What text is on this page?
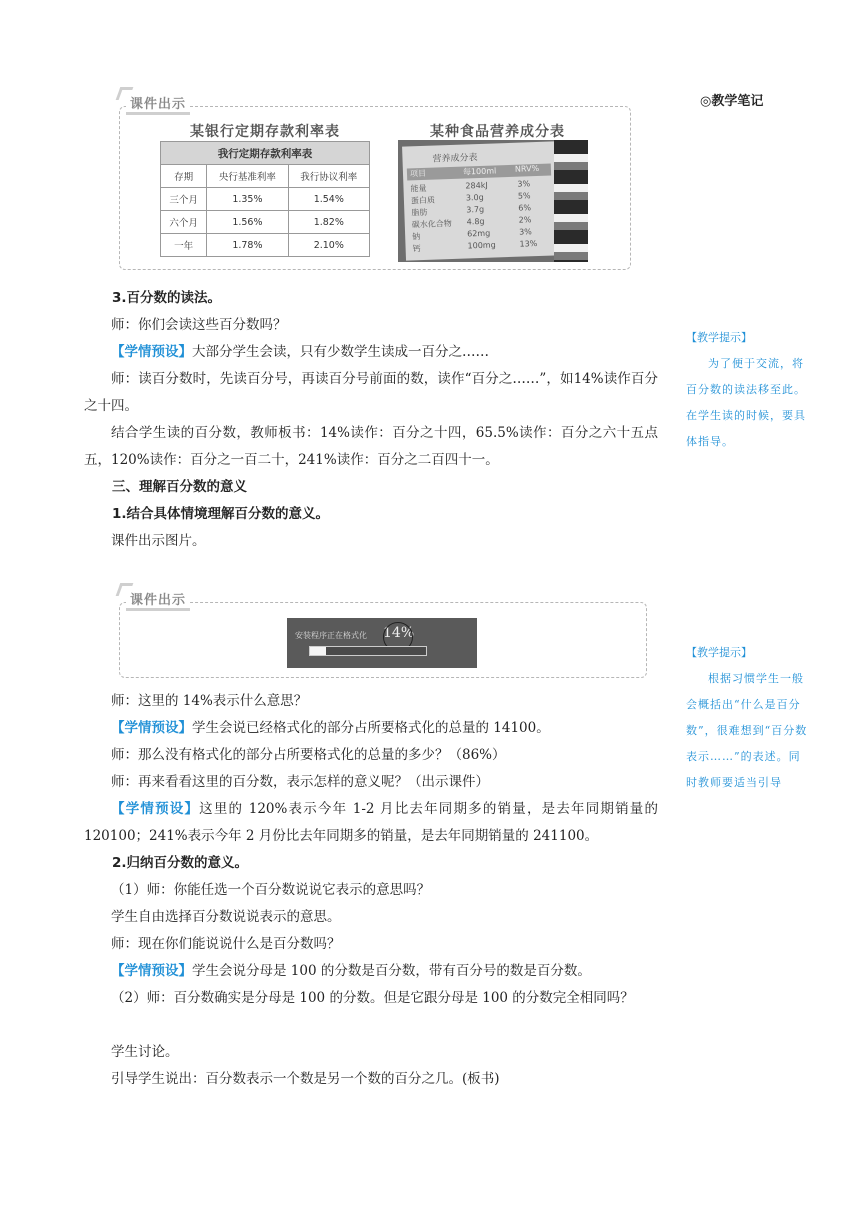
◎教学笔记
课件出示
某银行定期存款利率表
我行定期存款利率表		
存期	央行基准利率	我行协议利率
三个月	1.35%	1.54%
六个月	1.56%	1.82%
一年	1.78%	2.10%
某种食品营养成分表
营养成分表
项目	每100ml NRV%
能量	284kJ	3%
蛋白质	3.0g	5%
脂肪	3.7g	6%
碳水化合物 4.8g	2%
钠	62mg	3%
钙	100mg	13%
3.百分数的读法。
师：你们会读这些百分数吗？
【学情预设】大部分学生会读，只有少数学生读成一百分之……
师：读百分数时，先读百分号，再读百分号前面的数，读作“百分之……”，如14%读作百分之十四。
结合学生读的百分数，教师板书：14%读作：百分之十四，65.5%读作：百分之六十五点五，120%读作：百分之一百二十，241%读作：百分之二百四十一。
三、理解百分数的意义
1.结合具体情境理解百分数的意义。
课件出示图片。
【教学提示】
为了便于交流，将百分数的读法移至此。在学生读的时候，要具体指导。
课件出示
安装程序正在格式化 14%
【教学提示】
根据习惯学生一般会概括出“什么是百分数”，很难想到“百分数表示……”的表述。同时教师要适当引导
师：这里的 14%表示什么意思？
【学情预设】学生会说已经格式化的部分占所要格式化的总量的 14100。
师：那么没有格式化的部分占所要格式化的总量的多少？（86%）
师：再来看看这里的百分数，表示怎样的意义呢？（出示课件）
【学情预设】这里的 120%表示今年 1-2 月比去年同期多的销量，是去年同期销量的 120100；241%表示今年 2 月份比去年同期多的销量，是去年同期销量的 241100。
2.归纳百分数的意义。
（1）师：你能任选一个百分数说说它表示的意思吗？
学生自由选择百分数说说表示的意思。
师：现在你们能说说什么是百分数吗？
【学情预设】学生会说分母是 100 的分数是百分数，带有百分号的数是百分数。
（2）师：百分数确实是分母是 100 的分数。但是它跟分母是 100 的分数完全相同吗？
学生讨论。
引导学生说出：百分数表示一个数是另一个数的百分之几。(板书)
